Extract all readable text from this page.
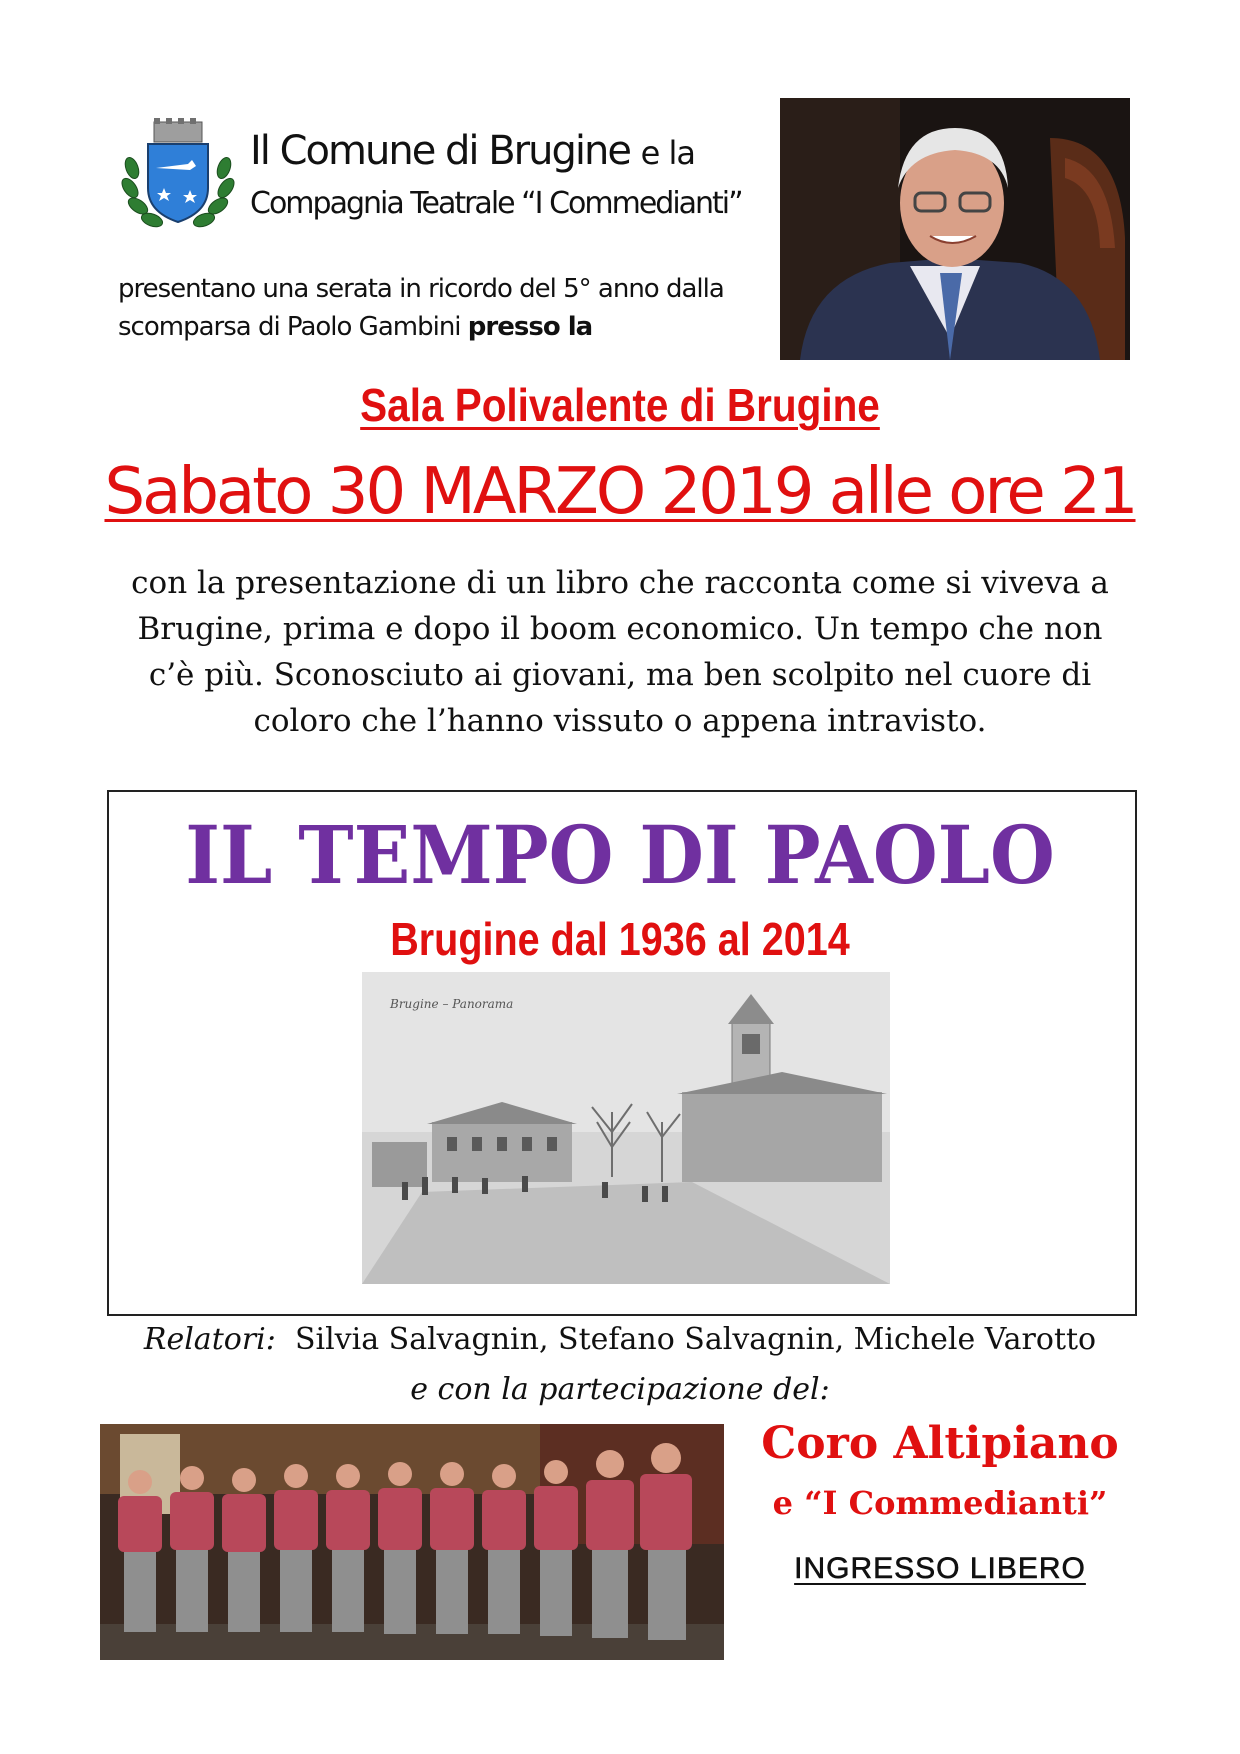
Il Comune di Brugine e la
Compagnia Teatrale “I Commedianti”
presentano una serata in ricordo del 5° anno dalla scomparsa di Paolo Gambini presso la
Sala Polivalente di Brugine
Sabato 30 MARZO 2019 alle ore 21
con la presentazione di un libro che racconta come si viveva a Brugine, prima e dopo il boom economico. Un tempo che non c’è più. Sconosciuto ai giovani, ma ben scolpito nel cuore di coloro che l’hanno vissuto o appena intravisto.
IL TEMPO DI PAOLO
Brugine dal 1936 al 2014
Brugine – Panorama
Relatori: Silvia Salvagnin, Stefano Salvagnin, Michele Varotto
e con la partecipazione del:
Coro Altipiano
e “I Commedianti”
INGRESSO LIBERO
